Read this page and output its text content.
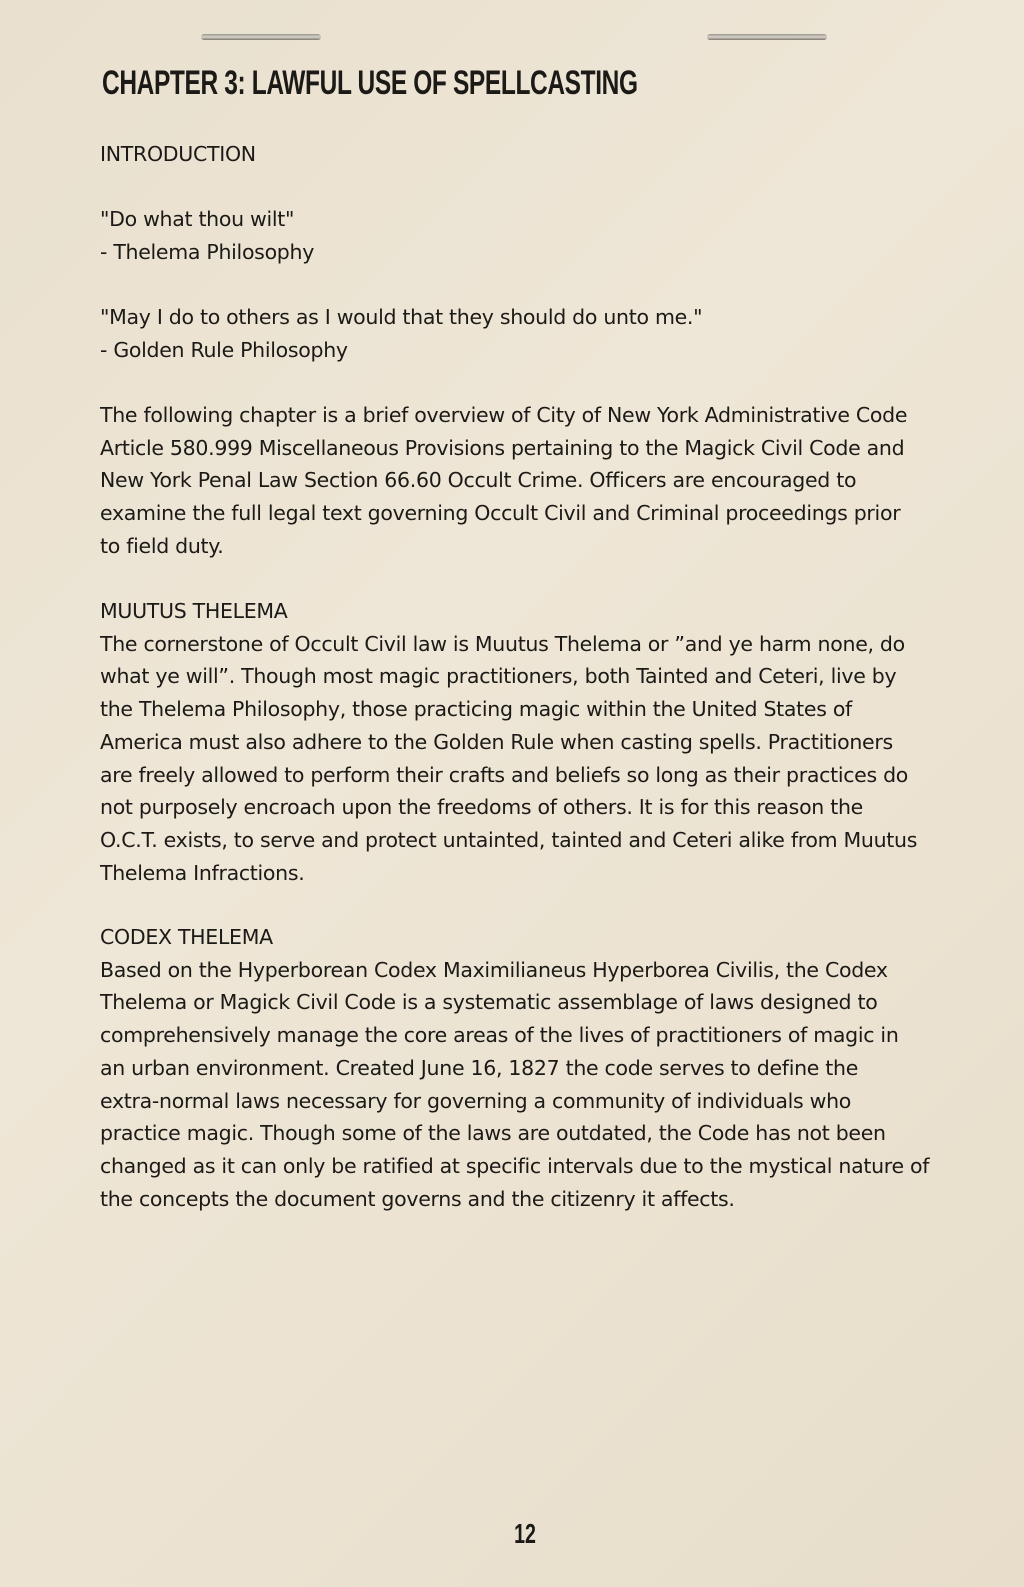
CHAPTER 3: LAWFUL USE OF SPELLCASTING
INTRODUCTION
"Do what thou wilt"
- Thelema Philosophy
"May I do to others as I would that they should do unto me."
- Golden Rule Philosophy
The following chapter is a brief overview of City of New York Administrative Code
Article 580.999 Miscellaneous Provisions pertaining to the Magick Civil Code and
New York Penal Law Section 66.60 Occult Crime. Officers are encouraged to
examine the full legal text governing Occult Civil and Criminal proceedings prior
to field duty.
MUUTUS THELEMA
The cornerstone of Occult Civil law is Muutus Thelema or ”and ye harm none, do
what ye will”. Though most magic practitioners, both Tainted and Ceteri, live by
the Thelema Philosophy, those practicing magic within the United States of
America must also adhere to the Golden Rule when casting spells. Practitioners
are freely allowed to perform their crafts and beliefs so long as their practices do
not purposely encroach upon the freedoms of others. It is for this reason the
O.C.T. exists, to serve and protect untainted, tainted and Ceteri alike from Muutus
Thelema Infractions.
CODEX THELEMA
Based on the Hyperborean Codex Maximilianeus Hyperborea Civilis, the Codex
Thelema or Magick Civil Code is a systematic assemblage of laws designed to
comprehensively manage the core areas of the lives of practitioners of magic in
an urban environment. Created June 16, 1827 the code serves to define the
extra-normal laws necessary for governing a community of individuals who
practice magic. Though some of the laws are outdated, the Code has not been
changed as it can only be ratified at specific intervals due to the mystical nature of
the concepts the document governs and the citizenry it affects.
12
